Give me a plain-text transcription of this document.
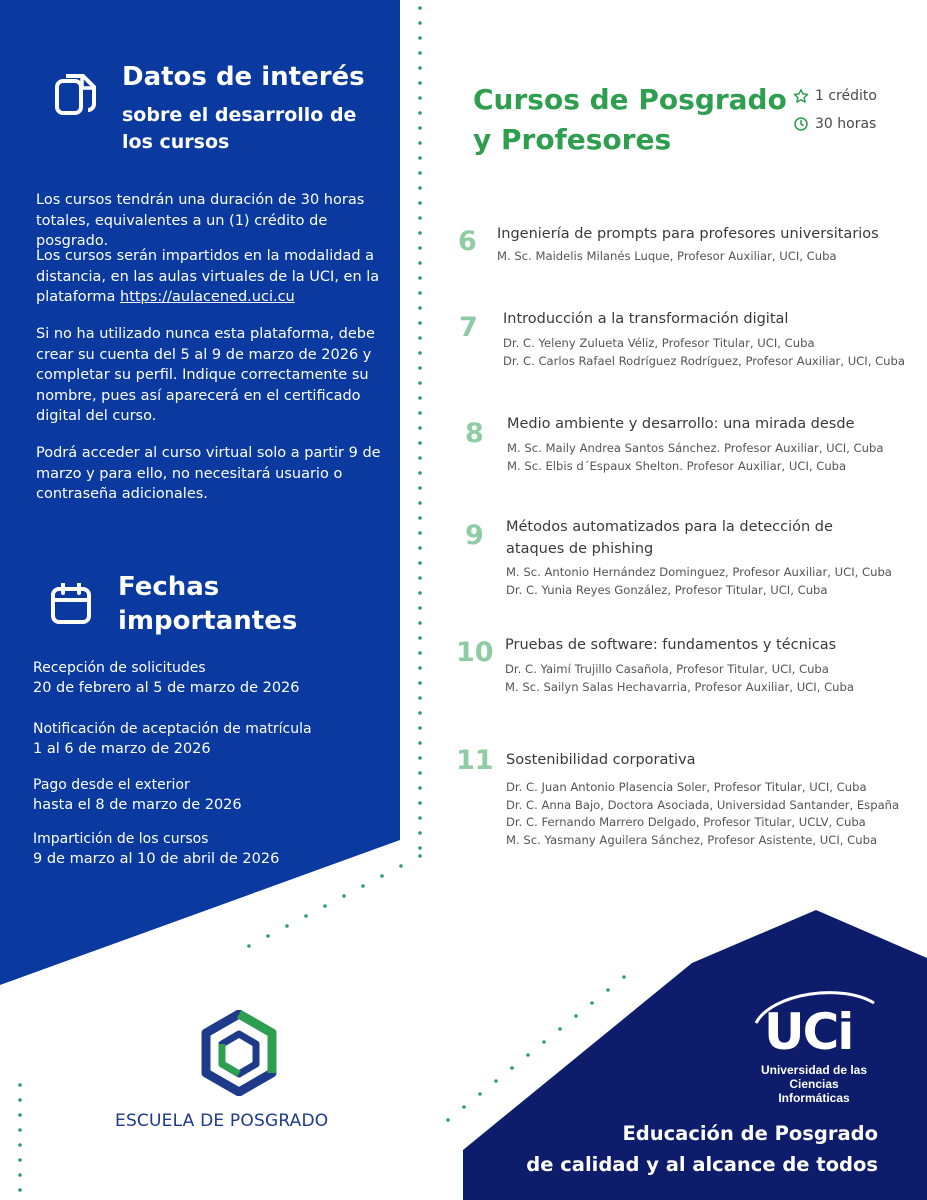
Datos de interés
sobre el desarrollo de
los cursos
Los cursos tendrán una duración de 30 horas
totales, equivalentes a un (1) crédito de posgrado.
Los cursos serán impartidos en la modalidad a
distancia, en las aulas virtuales de la UCI, en la
plataforma https://aulacened.uci.cu
Si no ha utilizado nunca esta plataforma, debe
crear su cuenta del 5 al 9 de marzo de 2026 y
completar su perfil. Indique correctamente su
nombre, pues así aparecerá en el certificado
digital del curso.
Podrá acceder al curso virtual solo a partir 9 de
marzo y para ello, no necesitará usuario o
contraseña adicionales.
Fechas
importantes
Recepción de solicitudes
20 de febrero al 5 de marzo de 2026
Notificación de aceptación de matrícula
1 al 6 de marzo de 2026
Pago desde el exterior
hasta el 8 de marzo de 2026
Impartición de los cursos
9 de marzo al 10 de abril de 2026
Cursos de Posgrado
y Profesores
1 crédito
30 horas
6 Ingeniería de prompts para profesores universitarios
M. Sc. Maidelis Milanés Luque, Profesor Auxiliar, UCI, Cuba
7 Introducción a la transformación digital
Dr. C. Yeleny Zulueta Véliz, Profesor Titular, UCI, Cuba
Dr. C. Carlos Rafael Rodríguez Rodríguez, Profesor Auxiliar, UCI, Cuba
8 Medio ambiente y desarrollo: una mirada desde
M. Sc. Maily Andrea Santos Sánchez. Profesor Auxiliar, UCI, Cuba
M. Sc. Elbis d´Espaux Shelton. Profesor Auxiliar, UCI, Cuba
9 Métodos automatizados para la detección de
ataques de phishing
M. Sc. Antonio Hernández Dominguez, Profesor Auxiliar, UCI, Cuba
Dr. C. Yunia Reyes González, Profesor Titular, UCI, Cuba
10 Pruebas de software: fundamentos y técnicas
Dr. C. Yaimí Trujillo Casañola, Profesor Titular, UCI, Cuba
M. Sc. Sailyn Salas Hechavarria, Profesor Auxiliar, UCI, Cuba
11 Sostenibilidad corporativa
Dr. C. Juan Antonio Plasencia Soler, Profesor Titular, UCI, Cuba
Dr. C. Anna Bajo, Doctora Asociada, Universidad Santander, España
Dr. C. Fernando Marrero Delgado, Profesor Titular, UCLV, Cuba
M. Sc. Yasmany Aguilera Sánchez, Profesor Asistente, UCI, Cuba
ESCUELA DE POSGRADO
UCi
Universidad de las Ciencias
Informáticas
Educación de Posgrado
de calidad y al alcance de todos
